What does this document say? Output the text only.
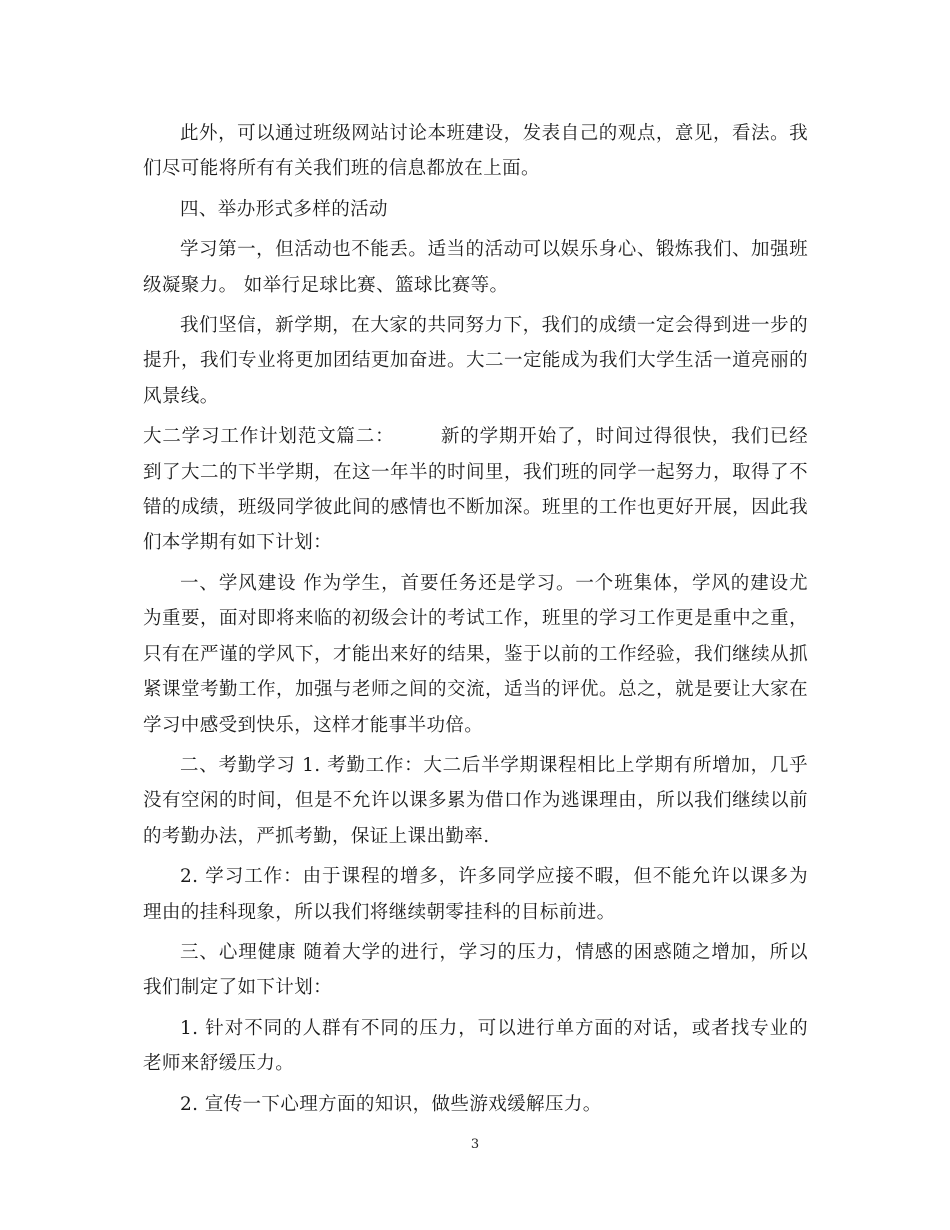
此外，可以通过班级网站讨论本班建设，发表自己的观点，意见，看法。我们尽可能将所有有关我们班的信息都放在上面。

四、举办形式多样的活动

学习第一，但活动也不能丢。适当的活动可以娱乐身心、锻炼我们、加强班级凝聚力。 如举行足球比赛、篮球比赛等。

我们坚信，新学期，在大家的共同努力下，我们的成绩一定会得到进一步的提升，我们专业将更加团结更加奋进。大二一定能成为我们大学生活一道亮丽的风景线。

大二学习工作计划范文篇二： 新的学期开始了，时间过得很快，我们已经到了大二的下半学期，在这一年半的时间里，我们班的同学一起努力，取得了不错的成绩，班级同学彼此间的感情也不断加深。班里的工作也更好开展，因此我们本学期有如下计划：

一、学风建设 作为学生，首要任务还是学习。一个班集体，学风的建设尤为重要，面对即将来临的初级会计的考试工作，班里的学习工作更是重中之重，只有在严谨的学风下，才能出来好的结果，鉴于以前的工作经验，我们继续从抓紧课堂考勤工作，加强与老师之间的交流，适当的评优。总之，就是要让大家在学习中感受到快乐，这样才能事半功倍。

二、考勤学习 1. 考勤工作：大二后半学期课程相比上学期有所增加，几乎没有空闲的时间，但是不允许以课多累为借口作为逃课理由，所以我们继续以前的考勤办法，严抓考勤，保证上课出勤率.

2. 学习工作：由于课程的增多，许多同学应接不暇，但不能允许以课多为理由的挂科现象，所以我们将继续朝零挂科的目标前进。

三、心理健康 随着大学的进行，学习的压力，情感的困惑随之增加，所以我们制定了如下计划：

1. 针对不同的人群有不同的压力，可以进行单方面的对话，或者找专业的老师来舒缓压力。

2. 宣传一下心理方面的知识，做些游戏缓解压力。

3
